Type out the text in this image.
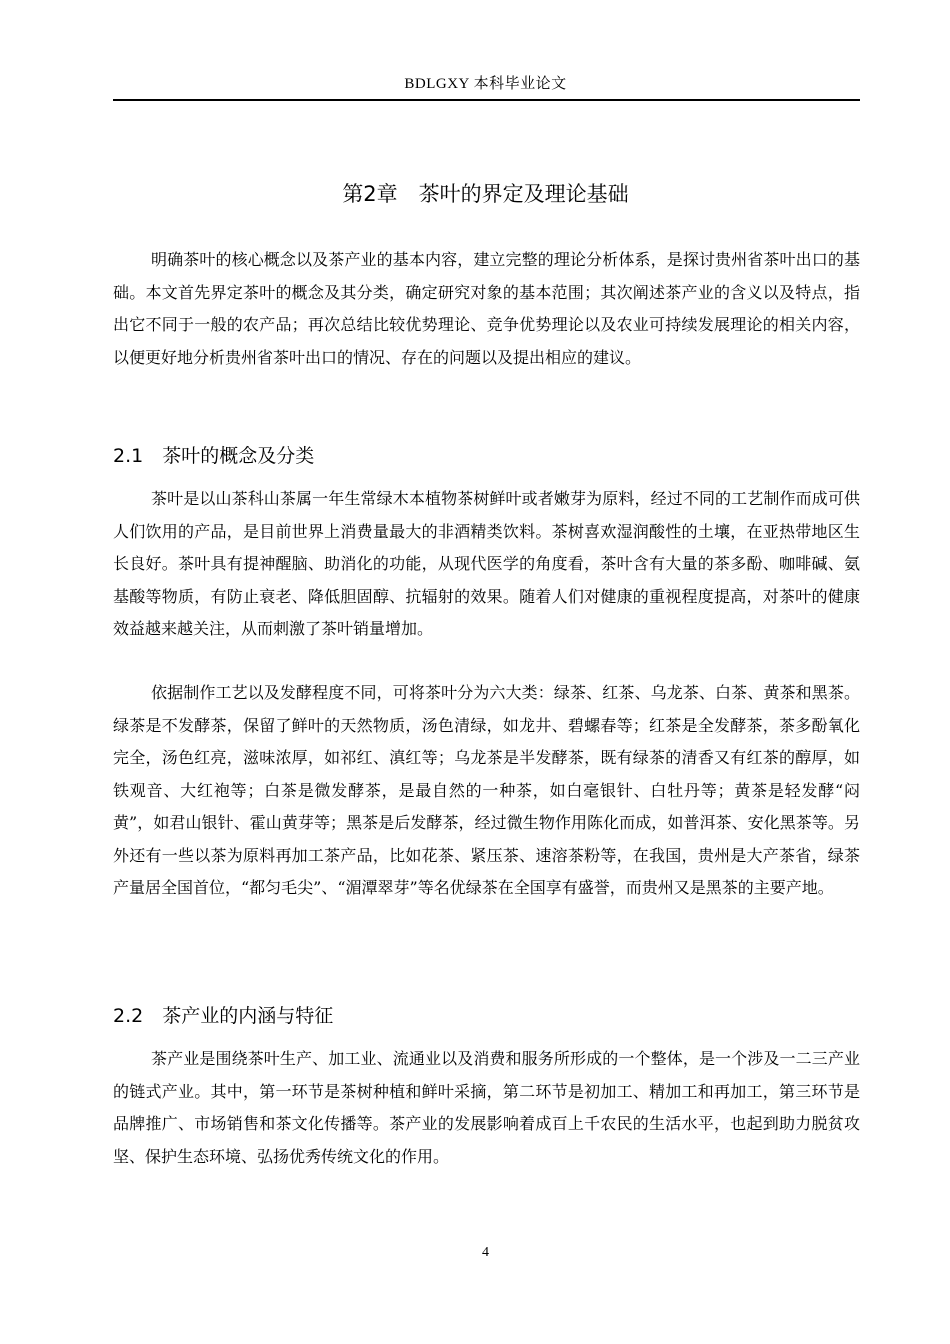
BDLGXY 本科毕业论文
第2章　茶叶的界定及理论基础

明确茶叶的核心概念以及茶产业的基本内容，建立完整的理论分析体系，是探讨贵州省茶叶出口的基础。本文首先界定茶叶的概念及其分类，确定研究对象的基本范围；其次阐述茶产业的含义以及特点，指出它不同于一般的农产品；再次总结比较优势理论、竞争优势理论以及农业可持续发展理论的相关内容，以便更好地分析贵州省茶叶出口的情况、存在的问题以及提出相应的建议。

2.1　茶叶的概念及分类

茶叶是以山茶科山茶属一年生常绿木本植物茶树鲜叶或者嫩芽为原料，经过不同的工艺制作而成可供人们饮用的产品，是目前世界上消费量最大的非酒精类饮料。茶树喜欢湿润酸性的土壤，在亚热带地区生长良好。茶叶具有提神醒脑、助消化的功能，从现代医学的角度看，茶叶含有大量的茶多酚、咖啡碱、氨基酸等物质，有防止衰老、降低胆固醇、抗辐射的效果。随着人们对健康的重视程度提高，对茶叶的健康效益越来越关注，从而刺激了茶叶销量增加。

依据制作工艺以及发酵程度不同，可将茶叶分为六大类：绿茶、红茶、乌龙茶、白茶、黄茶和黑茶。绿茶是不发酵茶，保留了鲜叶的天然物质，汤色清绿，如龙井、碧螺春等；红茶是全发酵茶，茶多酚氧化完全，汤色红亮，滋味浓厚，如祁红、滇红等；乌龙茶是半发酵茶，既有绿茶的清香又有红茶的醇厚，如铁观音、大红袍等；白茶是微发酵茶，是最自然的一种茶，如白毫银针、白牡丹等；黄茶是轻发酵“闷黄”，如君山银针、霍山黄芽等；黑茶是后发酵茶，经过微生物作用陈化而成，如普洱茶、安化黑茶等。另外还有一些以茶为原料再加工茶产品，比如花茶、紧压茶、速溶茶粉等，在我国，贵州是大产茶省，绿茶产量居全国首位，“都匀毛尖”、“湄潭翠芽”等名优绿茶在全国享有盛誉，而贵州又是黑茶的主要产地。

2.2　茶产业的内涵与特征

茶产业是围绕茶叶生产、加工业、流通业以及消费和服务所形成的一个整体，是一个涉及一二三产业的链式产业。其中，第一环节是茶树种植和鲜叶采摘，第二环节是初加工、精加工和再加工，第三环节是品牌推广、市场销售和茶文化传播等。茶产业的发展影响着成百上千农民的生活水平，也起到助力脱贫攻坚、保护生态环境、弘扬优秀传统文化的作用。

4
